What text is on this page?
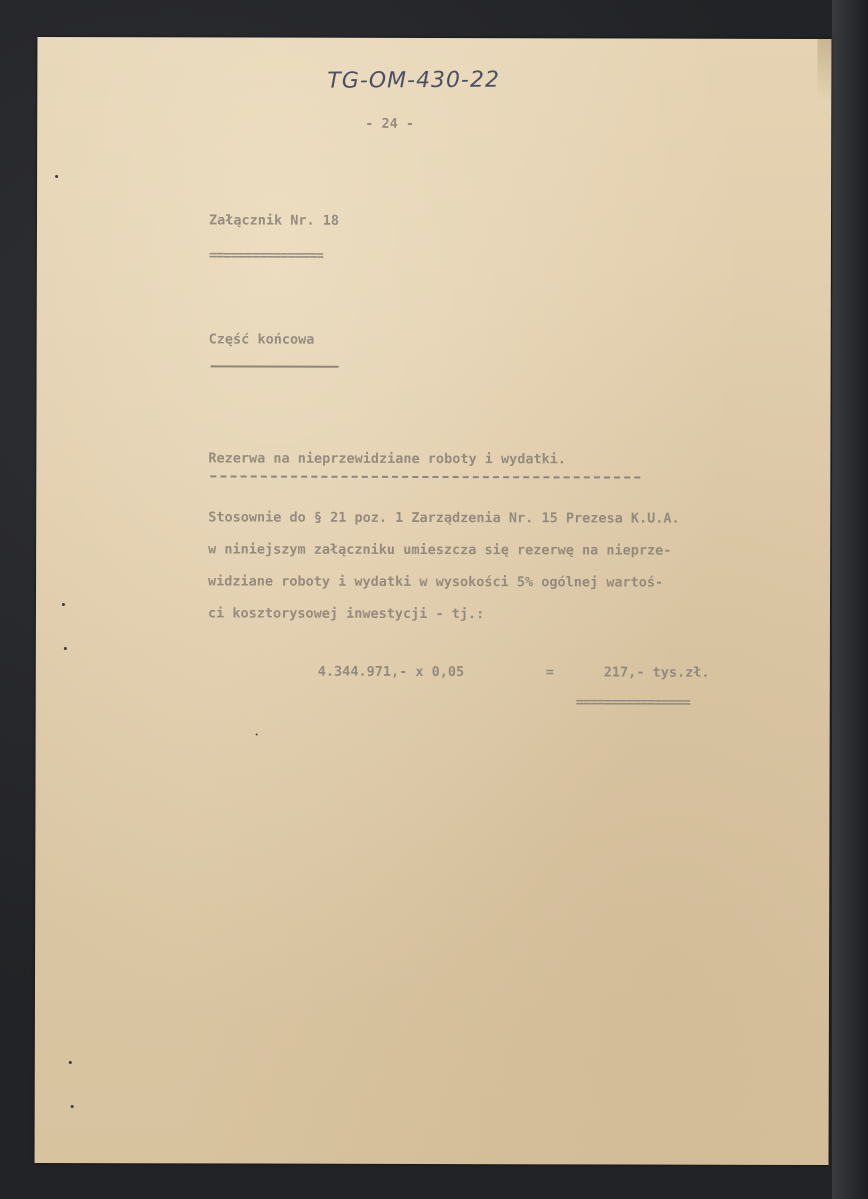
TG-OM-430-22
- 24 -
Załącznik Nr. 18
================
Część końcowa
Rezerwa na nieprzewidziane roboty i wydatki.
Stosownie do § 21 poz. 1 Zarządzenia Nr. 15 Prezesa K.U.A.
w niniejszym załączniku umieszcza się rezerwę na nieprze-
widziane roboty i wydatki w wysokości 5% ogólnej wartoś-
ci kosztorysowej inwestycji - tj.:
4.344.971,- x 0,05	=	217,- tys.zł.
================
